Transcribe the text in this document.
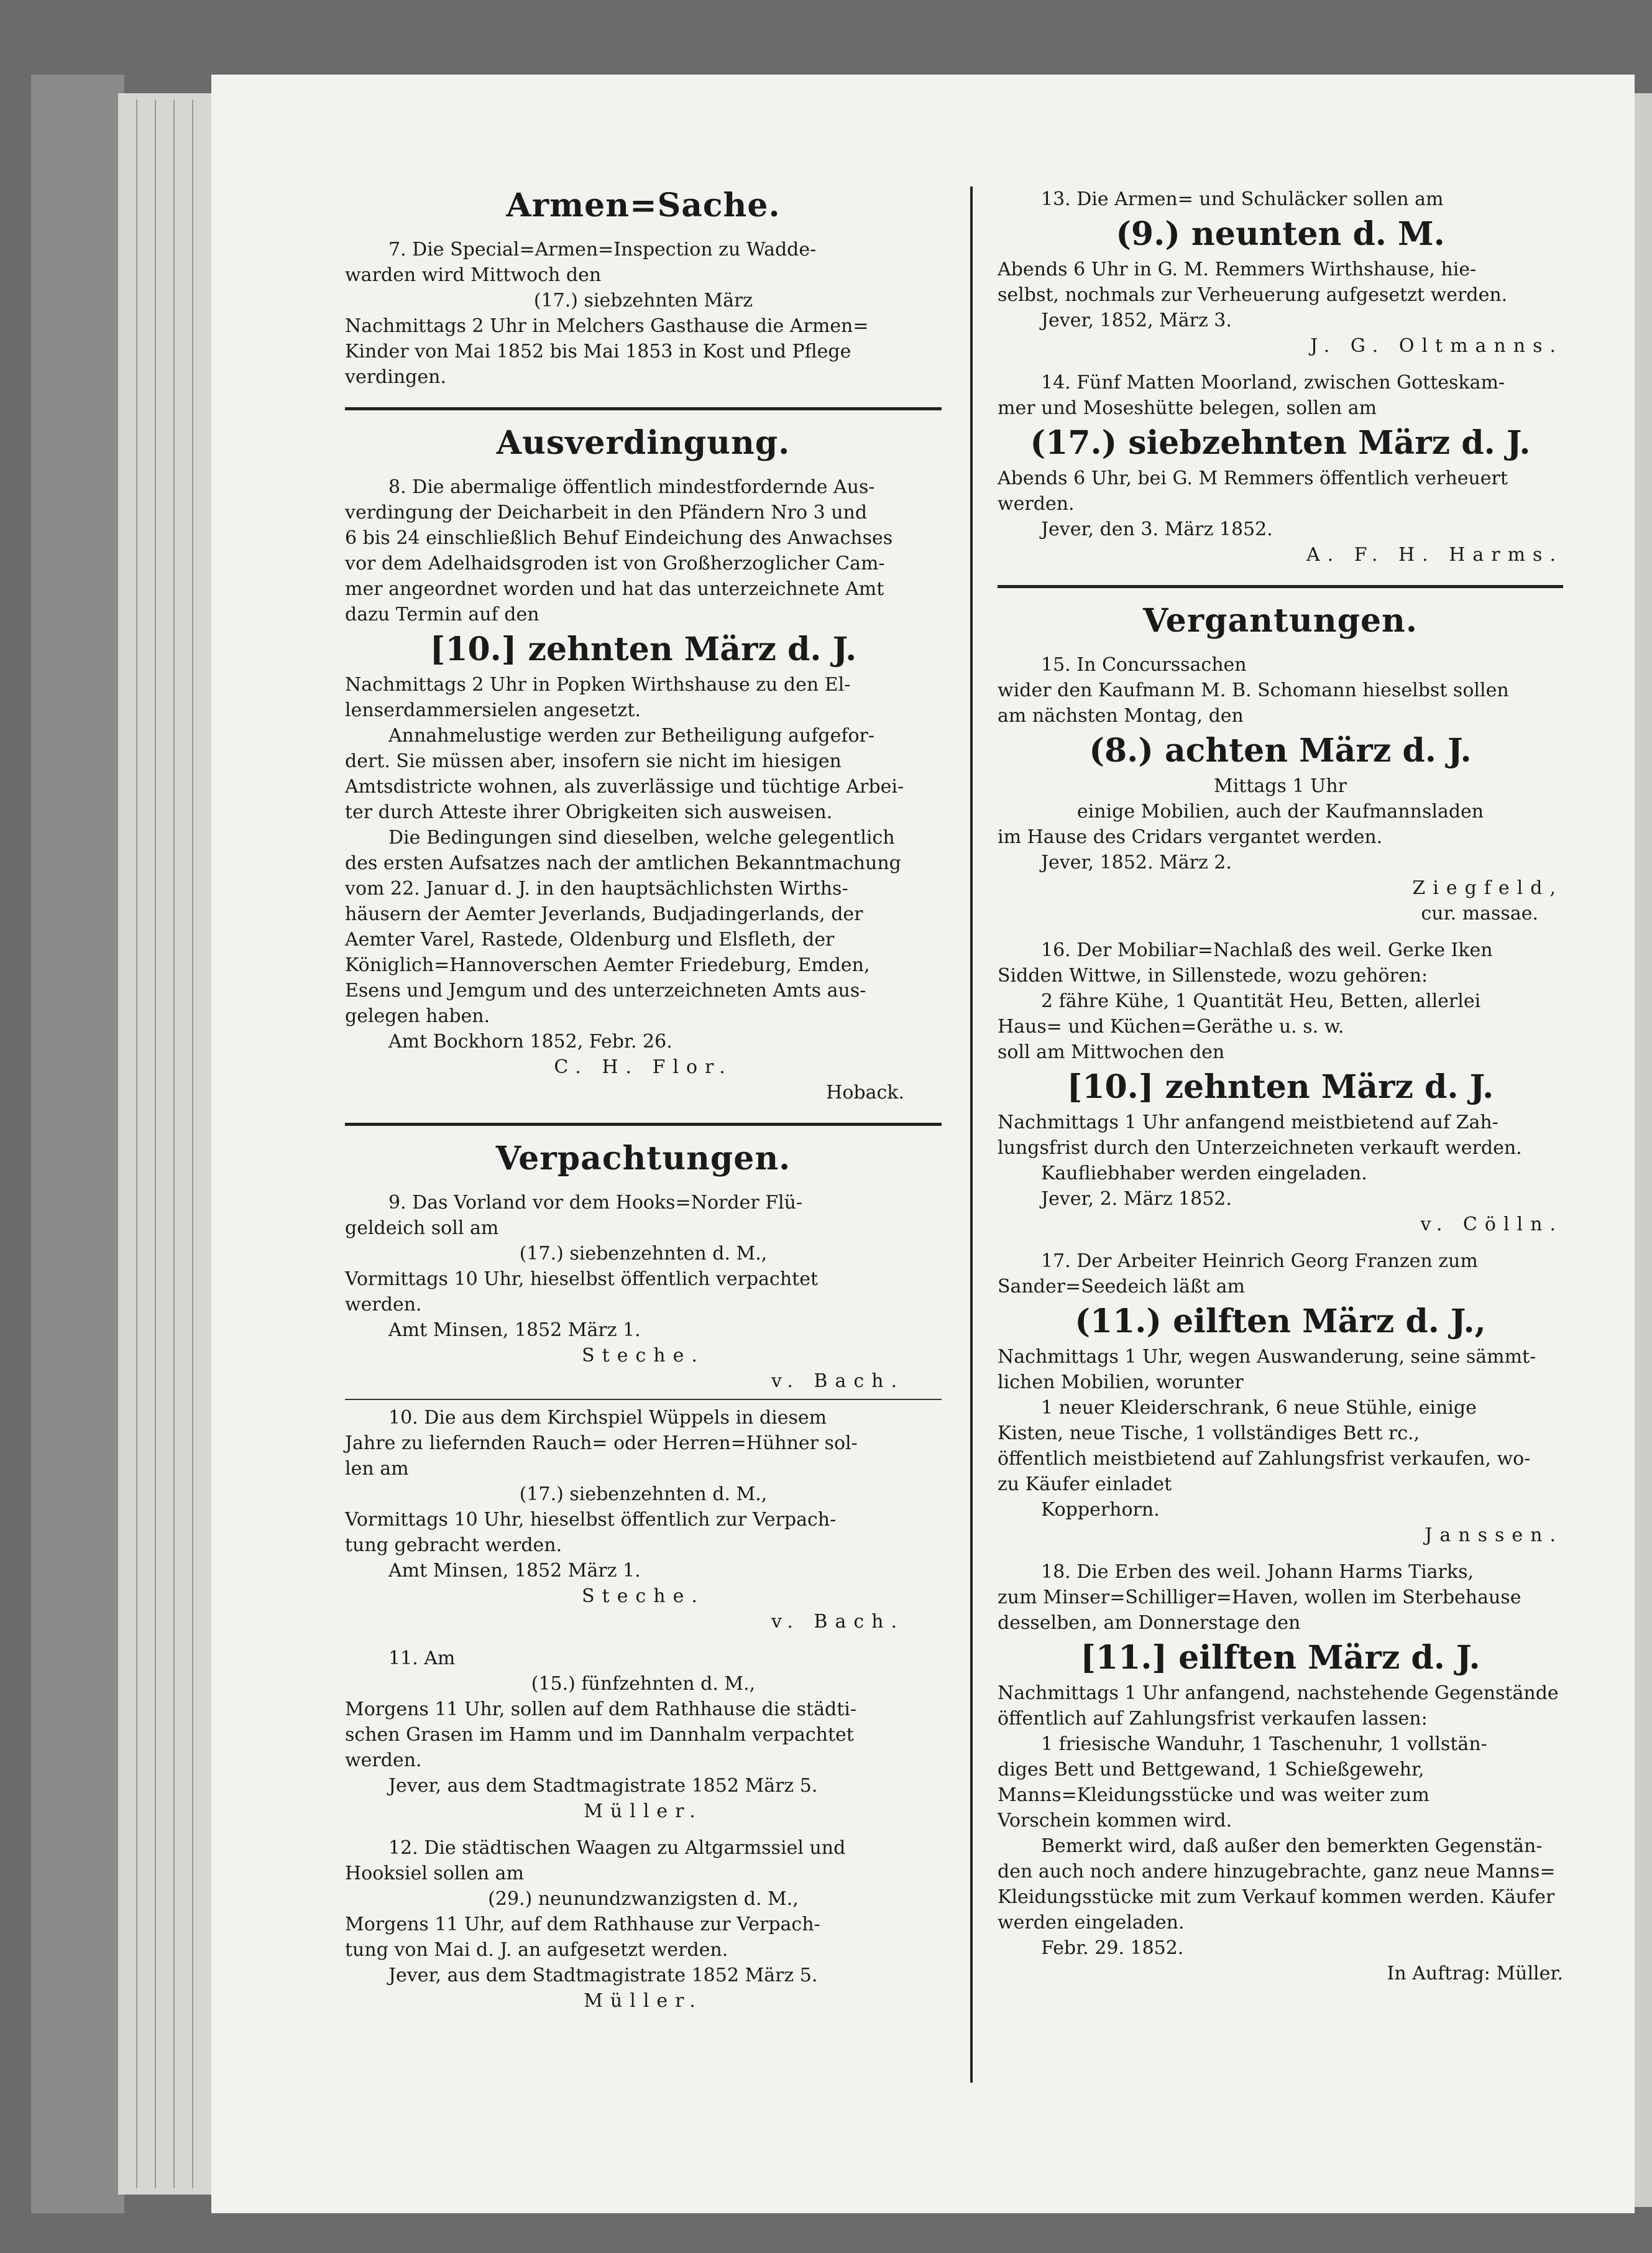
Armen=Sache.

7. Die Special=Armen=Inspection zu Wadde-

warden wird Mittwoch den

(17.) siebzehnten März

Nachmittags 2 Uhr in Melchers Gasthause die Armen=

Kinder von Mai 1852 bis Mai 1853 in Kost und Pflege

verdingen.

Ausverdingung.

8. Die abermalige öffentlich mindestfordernde Aus-

verdingung der Deicharbeit in den Pfändern Nro 3 und

6 bis 24 einschließlich Behuf Eindeichung des Anwachses

vor dem Adelhaidsgroden ist von Großherzoglicher Cam-

mer angeordnet worden und hat das unterzeichnete Amt

dazu Termin auf den

[10.] zehnten März d. J.

Nachmittags 2 Uhr in Popken Wirthshause zu den El-

lenserdammersielen angesetzt.

Annahmelustige werden zur Betheiligung aufgefor-

dert. Sie müssen aber, insofern sie nicht im hiesigen

Amtsdistricte wohnen, als zuverlässige und tüchtige Arbei-

ter durch Atteste ihrer Obrigkeiten sich ausweisen.

Die Bedingungen sind dieselben, welche gelegentlich

des ersten Aufsatzes nach der amtlichen Bekanntmachung

vom 22. Januar d. J. in den hauptsächlichsten Wirths-

häusern der Aemter Jeverlands, Budjadingerlands, der

Aemter Varel, Rastede, Oldenburg und Elsfleth, der

Königlich=Hannoverschen Aemter Friedeburg, Emden,

Esens und Jemgum und des unterzeichneten Amts aus-

gelegen haben.

Amt Bockhorn 1852, Febr. 26.

C. H. Flor.

Hoback.

Verpachtungen.

9. Das Vorland vor dem Hooks=Norder Flü-

geldeich soll am

(17.) siebenzehnten d. M.,

Vormittags 10 Uhr, hieselbst öffentlich verpachtet

werden.

Amt Minsen, 1852 März 1.

Steche.

v. Bach.

10. Die aus dem Kirchspiel Wüppels in diesem

Jahre zu liefernden Rauch= oder Herren=Hühner sol-

len am

(17.) siebenzehnten d. M.,

Vormittags 10 Uhr, hieselbst öffentlich zur Verpach-

tung gebracht werden.

Amt Minsen, 1852 März 1.

Steche.

v. Bach.

11. Am

(15.) fünfzehnten d. M.,

Morgens 11 Uhr, sollen auf dem Rathhause die städti-

schen Grasen im Hamm und im Dannhalm verpachtet

werden.

Jever, aus dem Stadtmagistrate 1852 März 5.

Müller.

12. Die städtischen Waagen zu Altgarmssiel und

Hooksiel sollen am

(29.) neunundzwanzigsten d. M.,

Morgens 11 Uhr, auf dem Rathhause zur Verpach-

tung von Mai d. J. an aufgesetzt werden.

Jever, aus dem Stadtmagistrate 1852 März 5.

Müller.

13. Die Armen= und Schuläcker sollen am

(9.) neunten d. M.

Abends 6 Uhr in G. M. Remmers Wirthshause, hie-

selbst, nochmals zur Verheuerung aufgesetzt werden.

Jever, 1852, März 3.

J. G. Oltmanns.

14. Fünf Matten Moorland, zwischen Gotteskam-

mer und Moseshütte belegen, sollen am

(17.) siebzehnten März d. J.

Abends 6 Uhr, bei G. M Remmers öffentlich verheuert

werden.

Jever, den 3. März 1852.

A. F. H. Harms.

Vergantungen.

15. In Concurssachen

wider den Kaufmann M. B. Schomann hieselbst sollen

am nächsten Montag, den

(8.) achten März d. J.

Mittags 1 Uhr

einige Mobilien, auch der Kaufmannsladen

im Hause des Cridars vergantet werden.

Jever, 1852. März 2.

Ziegfeld,

cur. massae.

16. Der Mobiliar=Nachlaß des weil. Gerke Iken

Sidden Wittwe, in Sillenstede, wozu gehören:

2 fähre Kühe, 1 Quantität Heu, Betten, allerlei

Haus= und Küchen=Geräthe u. s. w.

soll am Mittwochen den

[10.] zehnten März d. J.

Nachmittags 1 Uhr anfangend meistbietend auf Zah-

lungsfrist durch den Unterzeichneten verkauft werden.

Kaufliebhaber werden eingeladen.

Jever, 2. März 1852.

v. Cölln.

17. Der Arbeiter Heinrich Georg Franzen zum

Sander=Seedeich läßt am

(11.) eilften März d. J.,

Nachmittags 1 Uhr, wegen Auswanderung, seine sämmt-

lichen Mobilien, worunter

1 neuer Kleiderschrank, 6 neue Stühle, einige

Kisten, neue Tische, 1 vollständiges Bett rc.,

öffentlich meistbietend auf Zahlungsfrist verkaufen, wo-

zu Käufer einladet

Kopperhorn.

Janssen.

18. Die Erben des weil. Johann Harms Tiarks,

zum Minser=Schilliger=Haven, wollen im Sterbehause

desselben, am Donnerstage den

[11.] eilften März d. J.

Nachmittags 1 Uhr anfangend, nachstehende Gegenstände

öffentlich auf Zahlungsfrist verkaufen lassen:

1 friesische Wanduhr, 1 Taschenuhr, 1 vollstän-

diges Bett und Bettgewand, 1 Schießgewehr,

Manns=Kleidungsstücke und was weiter zum

Vorschein kommen wird.

Bemerkt wird, daß außer den bemerkten Gegenstän-

den auch noch andere hinzugebrachte, ganz neue Manns=

Kleidungsstücke mit zum Verkauf kommen werden. Käufer

werden eingeladen.

Febr. 29. 1852.

In Auftrag: Müller.
